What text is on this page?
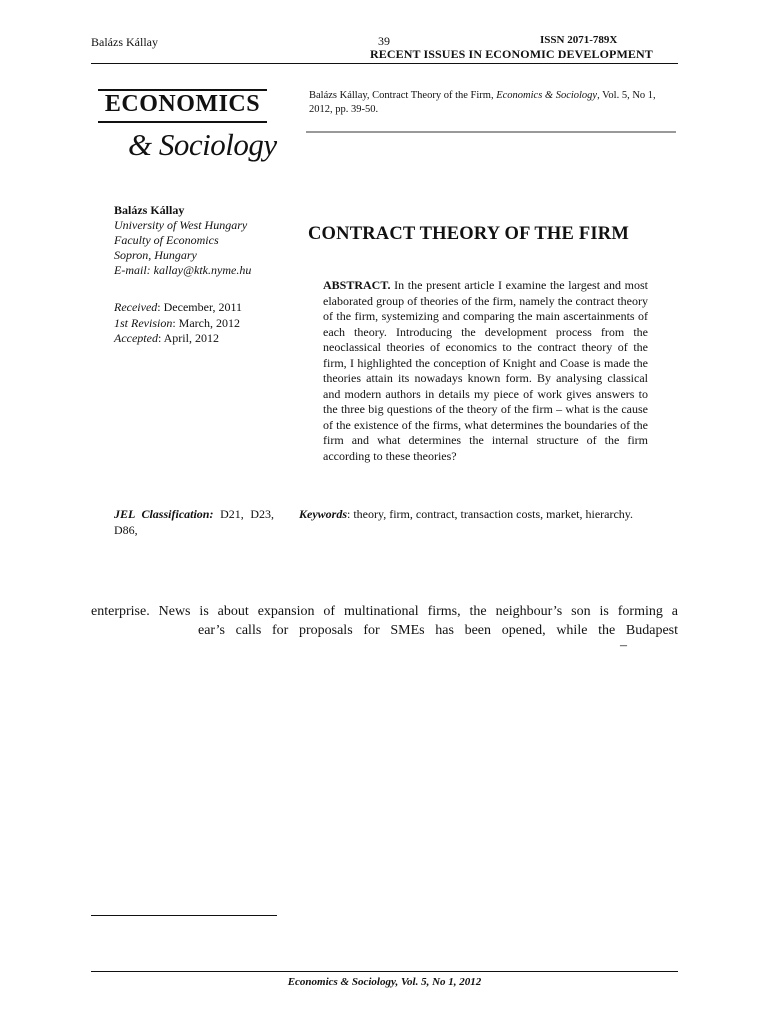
Balázs Kállay	39	ISSN 2071-789X
RECENT ISSUES IN ECONOMIC DEVELOPMENT
ECONOMICS
& Sociology
Balázs Kállay, Contract Theory of the Firm, Economics & Sociology, Vol. 5, No 1, 2012, pp. 39-50.
Balázs Kállay
University of West Hungary
Faculty of Economics
Sopron, Hungary
E-mail: kallay@ktk.nyme.hu
Received: December, 2011
1st Revision: March, 2012
Accepted: April, 2012
CONTRACT THEORY OF THE FIRM
ABSTRACT. In the present article I examine the largest and most elaborated group of theories of the firm, namely the contract theory of the firm, systemizing and comparing the main ascertainments of each theory. Introducing the development process from the neoclassical theories of economics to the contract theory of the firm, I highlighted the conception of Knight and Coase is made the theories attain its nowadays known form. By analysing classical and modern authors in details my piece of work gives answers to the three big questions of the theory of the firm – what is the cause of the existence of the firms, what determines the boundaries of the firm and what determines the internal structure of the firm according to these theories?
JEL Classification: D21, D23, D86,
Keywords: theory, firm, contract, transaction costs, market, hierarchy.
enterprise. News is about expansion of multinational firms, the neighbour’s son is forming a
ear’s calls for proposals for SMEs has been opened, while the Budapest
–
Economics & Sociology, Vol. 5, No 1, 2012
